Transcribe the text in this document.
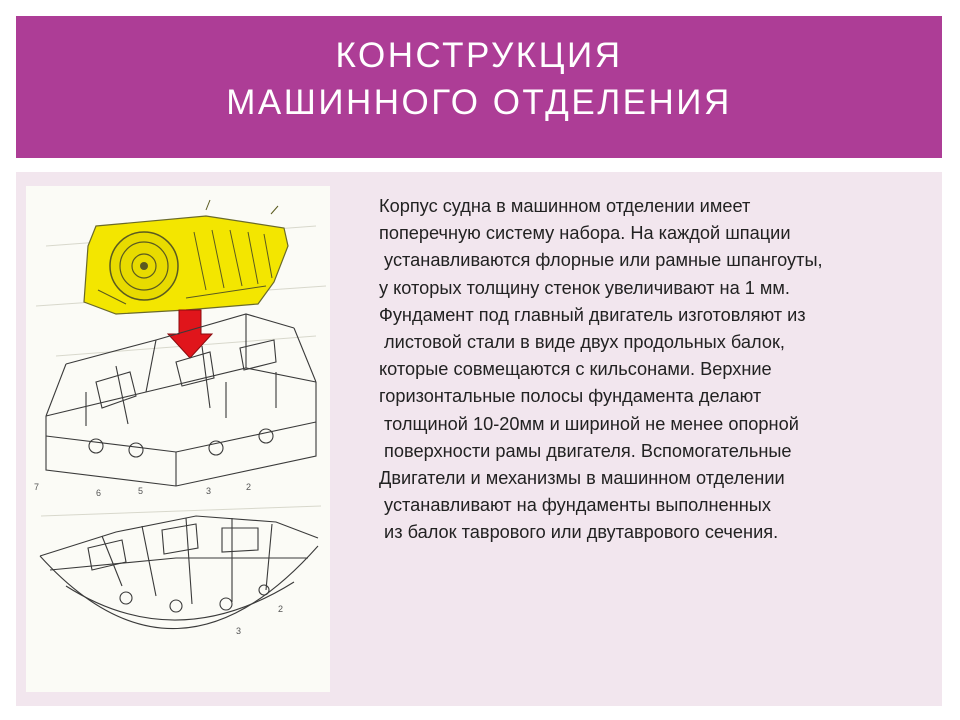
КОНСТРУКЦИЯ
МАШИННОГО ОТДЕЛЕНИЯ
7
6	5	3	2
3
2
Корпус судна в машинном отделении имеет
поперечную систему набора. На каждой шпации
устанавливаются флорные или рамные шпангоуты,
у которых толщину стенок увеличивают на 1 мм.
Фундамент под главный двигатель изготовляют из
листовой стали в виде двух продольных балок,
которые совмещаются с кильсонами. Верхние
горизонтальные полосы фундамента делают
толщиной 10-20мм и шириной не менее опорной
поверхности рамы двигателя. Вспомогательные
Двигатели и механизмы в машинном отделении
устанавливают на фундаменты выполненных
из балок таврового или двутаврового сечения.
